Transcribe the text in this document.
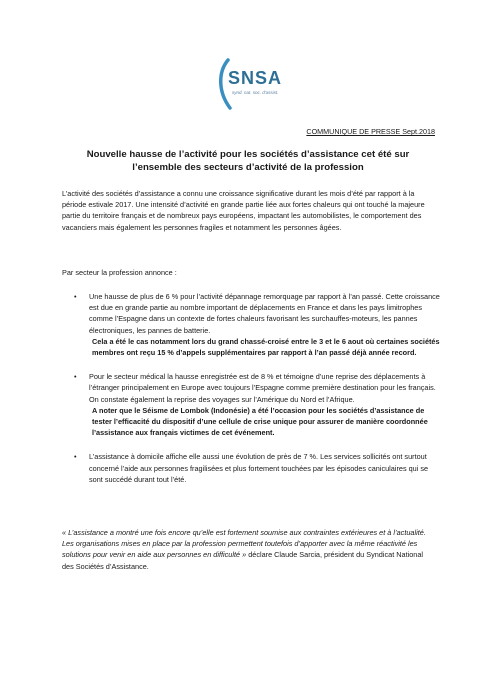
SNSA
synd. nat. soc. d'assist.
COMMUNIQUE DE PRESSE Sept.2018
Nouvelle hausse de l’activité pour les sociétés d’assistance cet été sur l’ensemble des secteurs d’activité de la profession
L’activité des sociétés d’assistance a connu une croissance significative durant les mois d’été par rapport à la période estivale 2017. Une intensité d’activité en grande partie liée aux fortes chaleurs qui ont touché la majeure partie du territoire français et de nombreux pays européens, impactant les automobilistes, le comportement des vacanciers mais également les personnes fragiles et notamment les personnes âgées.
Par secteur la profession annonce :
• Une hausse de plus de 6 % pour l’activité dépannage remorquage par rapport à l’an passé. Cette croissance est due en grande partie au nombre important de déplacements en France et dans les pays limitrophes comme l’Espagne dans un contexte de fortes chaleurs favorisant les surchauffes-moteurs, les pannes électroniques, les pannes de batterie.
Cela a été le cas notamment lors du grand chassé-croisé entre le 3 et le 6 aout où certaines sociétés membres ont reçu 15 % d’appels supplémentaires par rapport à l’an passé déjà année record.
• Pour le secteur médical la hausse enregistrée est de 8 % et témoigne d’une reprise des déplacements à l’étranger principalement en Europe avec toujours l’Espagne comme première destination pour les français. On constate également la reprise des voyages sur l’Amérique du Nord et l’Afrique.
A noter que le Séisme de Lombok (Indonésie) a été l’occasion pour les sociétés d’assistance de tester l’efficacité du dispositif d’une cellule de crise unique pour assurer de manière coordonnée l’assistance aux français victimes de cet événement.
• L’assistance à domicile affiche elle aussi une évolution de près de 7 %. Les services sollicités ont surtout concerné l’aide aux personnes fragilisées et plus fortement touchées par les épisodes caniculaires qui se sont succédé durant tout l’été.
« L’assistance a montré une fois encore qu’elle est fortement soumise aux contraintes extérieures et à l’actualité. Les organisations mises en place par la profession permettent toutefois d’apporter avec la même réactivité les solutions pour venir en aide aux personnes en difficulté » déclare Claude Sarcia, président du Syndicat National des Sociétés d’Assistance.
